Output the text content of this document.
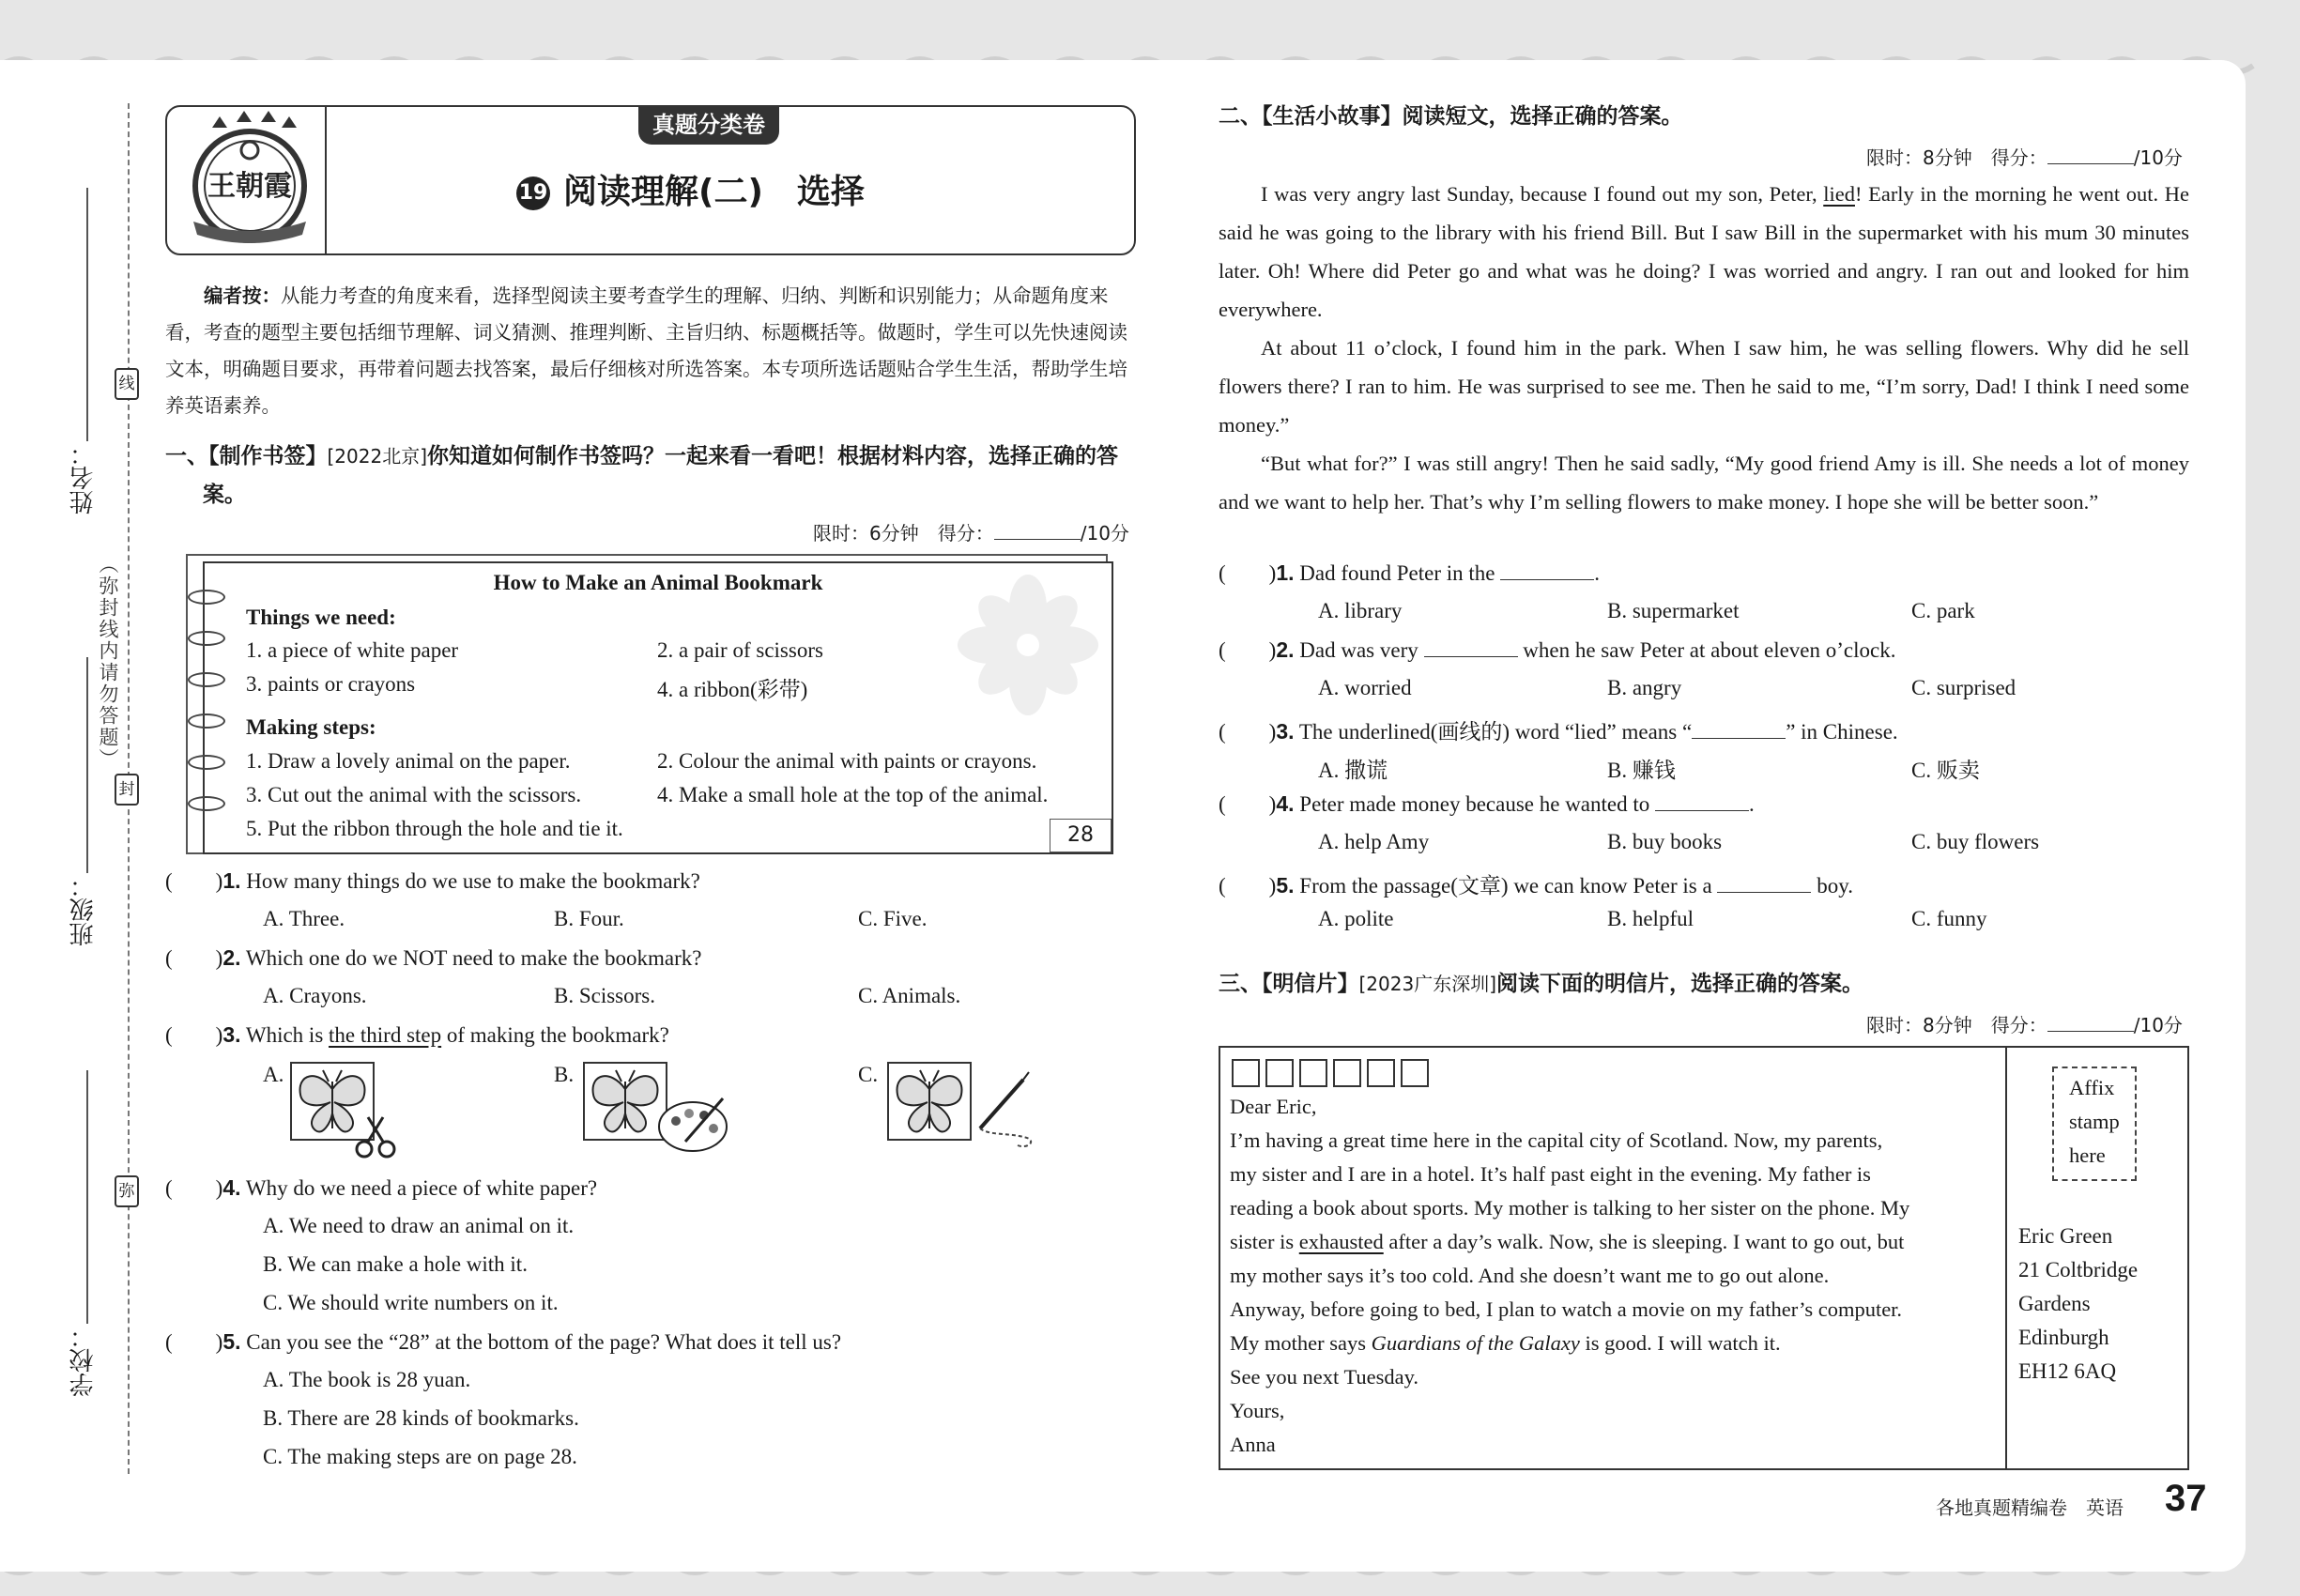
姓名：
班级：
学校：
（弥封线内请勿答题）
线
封
弥
王朝霞
真题分类卷
19 阅读理解(二)　选择
编者按：从能力考查的角度来看，选择型阅读主要考查学生的理解、归纳、判断和识别能力；从命题角度来看，考查的题型主要包括细节理解、词义猜测、推理判断、主旨归纳、标题概括等。做题时，学生可以先快速阅读文本，明确题目要求，再带着问题去找答案，最后仔细核对所选答案。本专项所选话题贴合学生生活，帮助学生培养英语素养。
一、【制作书签】[2022北京]你知道如何制作书签吗？一起来看一看吧！根据材料内容，选择正确的答案。
限时：6分钟　 得分：	/10分
How to Make an Animal Bookmark
Things we need:
1. a piece of white paper	2. a pair of scissors
3. paints or crayons	4. a ribbon(彩带)
Making steps:
1. Draw a lovely animal on the paper.	2. Colour the animal with paints or crayons.
3. Cut out the animal with the scissors.	4. Make a small hole at the top of the animal.
5. Put the ribbon through the hole and tie it.	28
( )1. How many things do we use to make the bookmark?
A. Three.	B. Four.	C. Five.
( )2. Which one do we NOT need to make the bookmark?
A. Crayons.	B. Scissors.	C. Animals.
( )3. Which is the third step of making the bookmark?
A.	B.	C.
( )4. Why do we need a piece of white paper?
A. We need to draw an animal on it.
B. We can make a hole with it.
C. We should write numbers on it.
( )5. Can you see the “28” at the bottom of the page? What does it tell us?
A. The book is 28 yuan.
B. There are 28 kinds of bookmarks.
C. The making steps are on page 28.
二、【生活小故事】阅读短文，选择正确的答案。
限时：8分钟　 得分：	/10分
I was very angry last Sunday, because I found out my son, Peter, lied! Early in the morning he went out. He said he was going to the library with his friend Bill. But I saw Bill in the supermarket with his mum 30 minutes later. Oh! Where did Peter go and what was he doing? I was worried and angry. I ran out and looked for him everywhere.
At about 11 o’clock, I found him in the park. When I saw him, he was selling flowers. Why did he sell flowers there? I ran to him. He was surprised to see me. Then he said to me, “I’m sorry, Dad! I think I need some money.”
“But what for?” I was still angry! Then he said sadly, “My good friend Amy is ill. She needs a lot of money and we want to help her. That’s why I’m selling flowers to make money. I hope she will be better soon.”
( )1. Dad found Peter in the	.
A. library	B. supermarket	C. park
( )2. Dad was very	when he saw Peter at about eleven o’clock.
A. worried	B. angry	C. surprised
( )3. The underlined(画线的) word “lied” means “	” in Chinese.
A. 撒谎	B. 赚钱	C. 贩卖
( )4. Peter made money because he wanted to	.
A. help Amy	B. buy books	C. buy flowers
( )5. From the passage(文章) we can know Peter is a	boy.
A. polite	B. helpful	C. funny
三、【明信片】[2023广东深圳]阅读下面的明信片，选择正确的答案。
限时：8分钟　 得分：	/10分
Dear Eric,
I’m having a great time here in the capital city of Scotland. Now, my parents,
my sister and I are in a hotel. It’s half past eight in the evening. My father is
reading a book about sports. My mother is talking to her sister on the phone. My
sister is exhausted after a day’s walk. Now, she is sleeping. I want to go out, but
my mother says it’s too cold. And she doesn’t want me to go out alone.
Anyway, before going to bed, I plan to watch a movie on my father’s computer.
My mother says Guardians of the Galaxy is good. I will watch it.
See you next Tuesday.
Yours,
Anna
Affix
stamp
here
Eric Green
21 Coltbridge
Gardens
Edinburgh
EH12 6AQ
各地真题精编卷　英语 37
